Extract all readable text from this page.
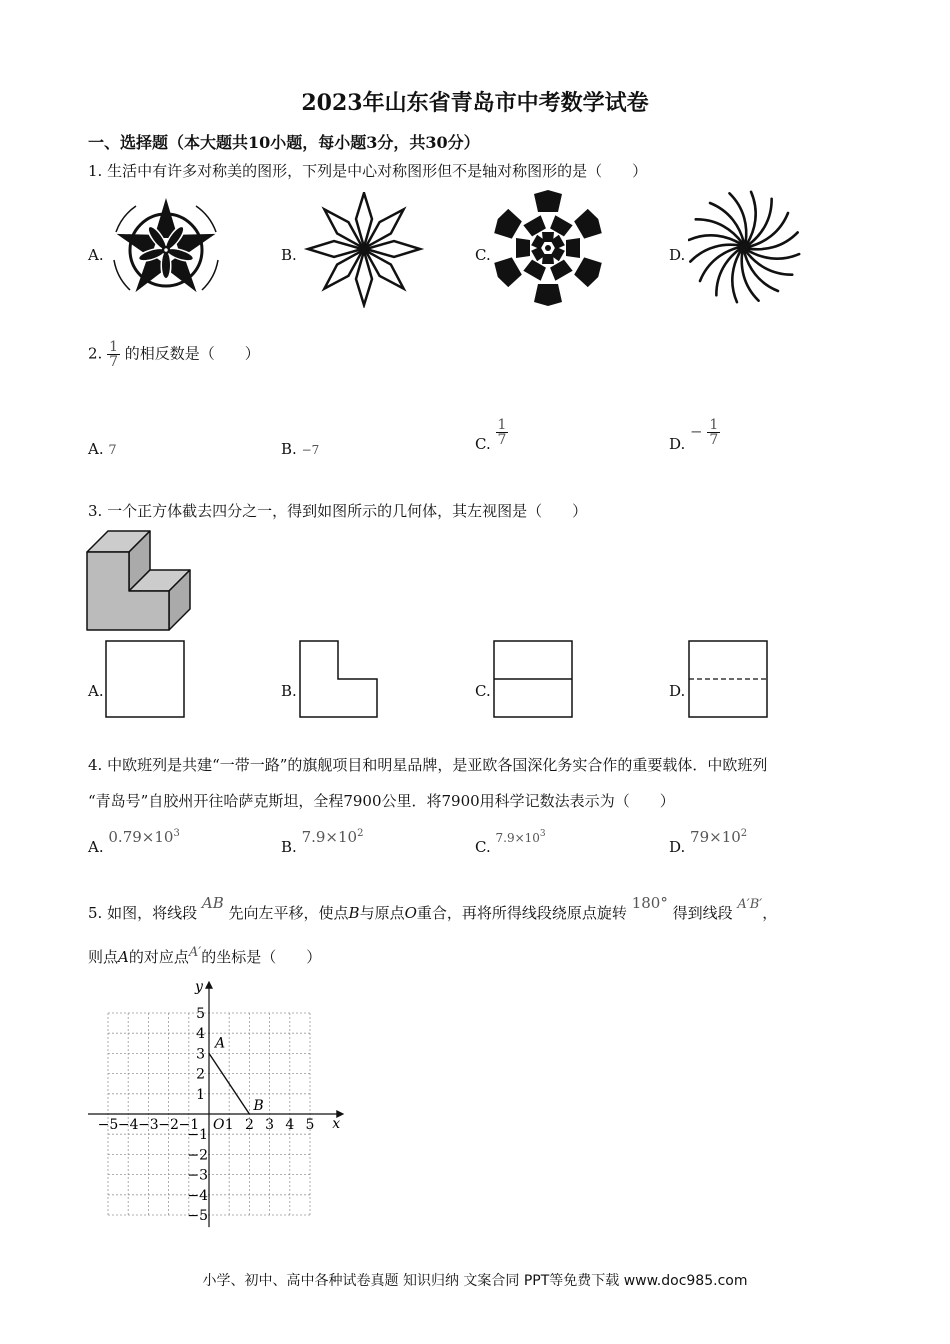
2023年山东省青岛市中考数学试卷
一、选择题（本大题共10小题，每小题3分，共30分）
1. 生活中有许多对称美的图形，下列是中心对称图形但不是轴对称图形的是（　　）
A.	B.	C.	D.
2. $\frac{1}{7}$ 的相反数是（　　）
A. 7	B. −7	C. $\frac{1}{7}$	D. − $\frac{1}{7}$
3. 一个正方体截去四分之一，得到如图所示的几何体，其左视图是（　　）
A.	B.	C.	D.
4. 中欧班列是共建“一带一路”的旗舰项目和明星品牌，是亚欧各国深化务实合作的重要载体．中欧班列
“青岛号”自胶州开往哈萨克斯坦，全程7900公里．将7900用科学记数法表示为（　　）
A. $0.79\times 10^3$
B. $7.9\times 10^2$
C. $7.9\times 10^3$
D. $79\times 10^2$
5. 如图，将线段 AB 先向左平移，使点B与原点O重合，再将所得线段绕原点旋转 180° 得到线段 A′B′，
则点A的对应点A′的坐标是（　　）
x
y
−5 −4 −3 −2 −1 1 2 3 4 5
1
2
3
4
5
−1
−2
−3
−4
−5
O
A
B
小学、初中、高中各种试卷真题 知识归纳 文案合同 PPT等免费下载 www.doc985.com
